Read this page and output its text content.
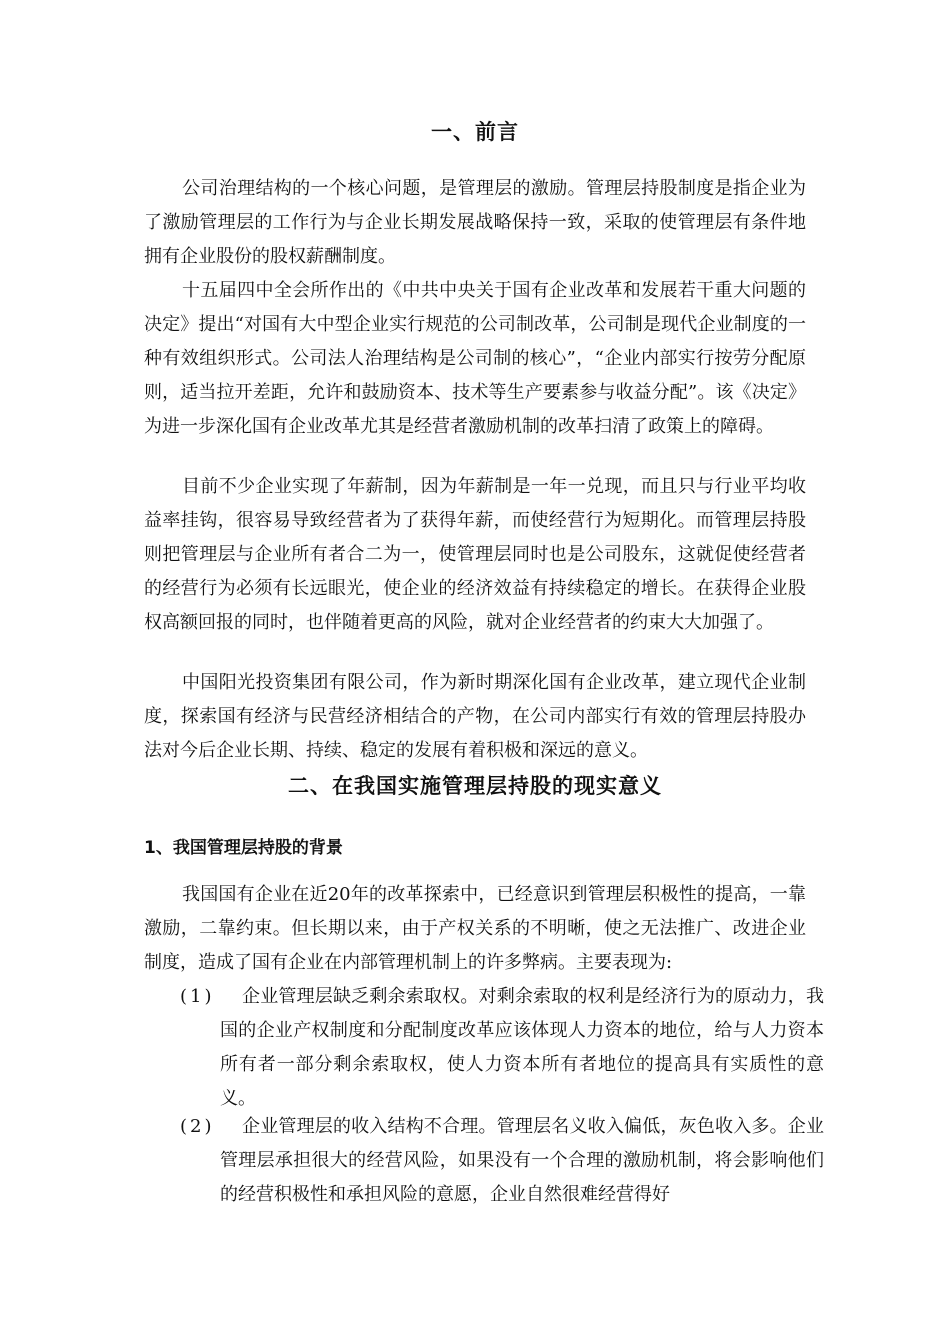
一、前言

公司治理结构的一个核心问题，是管理层的激励。管理层持股制度是指企业为了激励管理层的工作行为与企业长期发展战略保持一致，采取的使管理层有条件地拥有企业股份的股权薪酬制度。

十五届四中全会所作出的《中共中央关于国有企业改革和发展若干重大问题的决定》提出“对国有大中型企业实行规范的公司制改革，公司制是现代企业制度的一种有效组织形式。公司法人治理结构是公司制的核心”，“企业内部实行按劳分配原则，适当拉开差距，允许和鼓励资本、技术等生产要素参与收益分配”。该《决定》为进一步深化国有企业改革尤其是经营者激励机制的改革扫清了政策上的障碍。

目前不少企业实现了年薪制，因为年薪制是一年一兑现，而且只与行业平均收益率挂钩，很容易导致经营者为了获得年薪，而使经营行为短期化。而管理层持股则把管理层与企业所有者合二为一，使管理层同时也是公司股东，这就促使经营者的经营行为必须有长远眼光，使企业的经济效益有持续稳定的增长。在获得企业股权高额回报的同时，也伴随着更高的风险，就对企业经营者的约束大大加强了。

中国阳光投资集团有限公司，作为新时期深化国有企业改革，建立现代企业制度，探索国有经济与民营经济相结合的产物，在公司内部实行有效的管理层持股办法对今后企业长期、持续、稳定的发展有着积极和深远的意义。

二、在我国实施管理层持股的现实意义
1、我国管理层持股的背景

我国国有企业在近20年的改革探索中，已经意识到管理层积极性的提高，一靠激励，二靠约束。但长期以来，由于产权关系的不明晰，使之无法推广、改进企业制度，造成了国有企业在内部管理机制上的许多弊病。主要表现为:

(1)	企业管理层缺乏剩余索取权。对剩余索取的权利是经济行为的原动力，我国的企业产权制度和分配制度改革应该体现人力资本的地位，给与人力资本所有者一部分剩余索取权，使人力资本所有者地位的提高具有实质性的意义。
(2)	企业管理层的收入结构不合理。管理层名义收入偏低，灰色收入多。企业管理层承担很大的经营风险，如果没有一个合理的激励机制，将会影响他们的经营积极性和承担风险的意愿，企业自然很难经营得好
